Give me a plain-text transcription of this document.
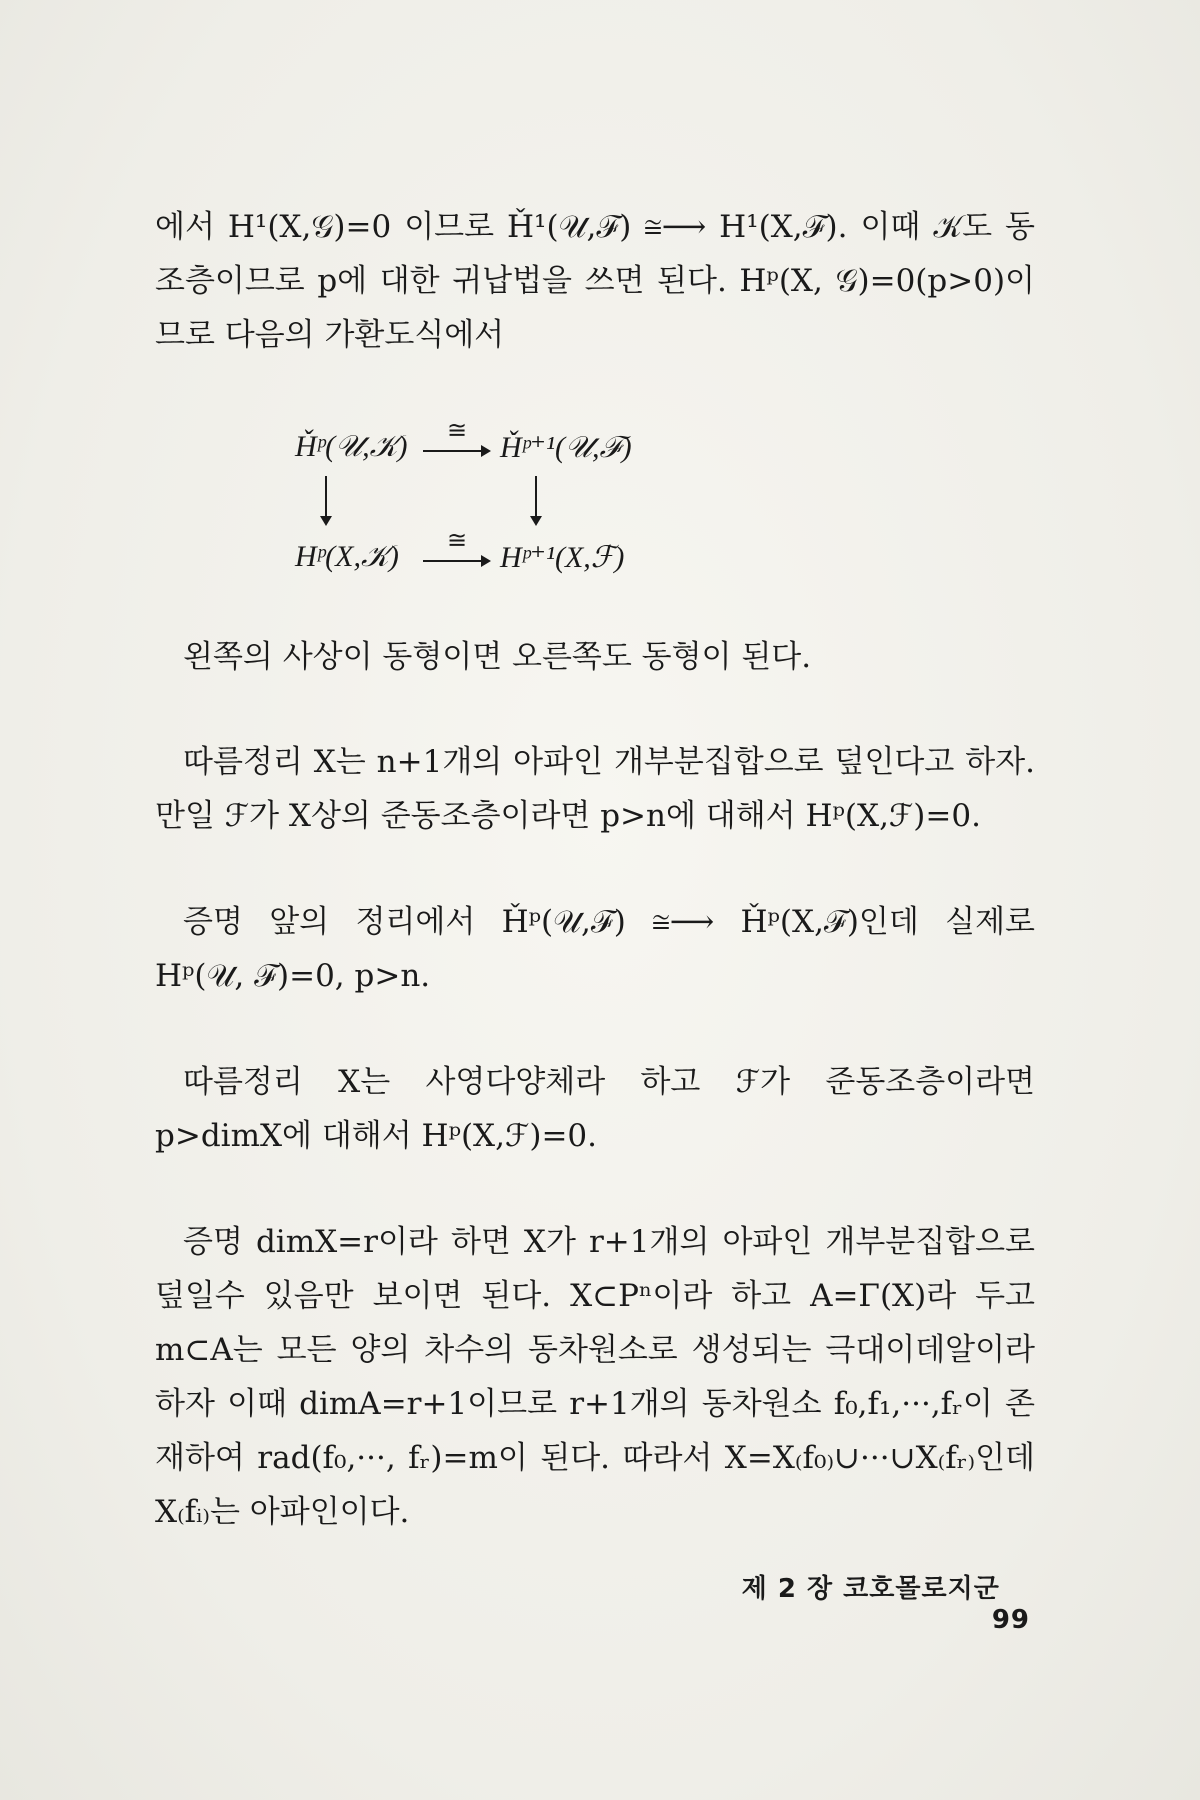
에서 H¹(X,𝒢)=0 이므로 Ȟ¹(𝒰,ℱ) ≅⟶ H¹(X,ℱ). 이때 𝒦도 동조층이므로 p에 대한 귀납법을 쓰면 된다. Hᵖ(X, 𝒢)=0(p>0)이므로 다음의 가환도식에서

Ȟᵖ(𝒰,𝒦) ≅ Ȟᵖ⁺¹(𝒰,ℱ)
Hᵖ(X,𝒦) ≅ Hᵖ⁺¹(X,ℱ)

왼쪽의 사상이 동형이면 오른쪽도 동형이 된다.

따름정리 X는 n+1개의 아파인 개부분집합으로 덮인다고 하자. 만일 ℱ가 X상의 준동조층이라면 p>n에 대해서 Hᵖ(X,ℱ)=0.

증명 앞의 정리에서 Ȟᵖ(𝒰,ℱ) ≅⟶ Ȟᵖ(X,ℱ)인데 실제로 Hᵖ(𝒰, ℱ)=0, p>n.

따름정리 X는 사영다양체라 하고 ℱ가 준동조층이라면 p>dimX에 대해서 Hᵖ(X,ℱ)=0.

증명 dimX=r이라 하면 X가 r+1개의 아파인 개부분집합으로 덮일수 있음만 보이면 된다. X⊂Pⁿ이라 하고 A=Γ(X)라 두고 m⊂A는 모든 양의 차수의 동차원소로 생성되는 극대이데알이라 하자 이때 dimA=r+1이므로 r+1개의 동차원소 f₀,f₁,···,fᵣ이 존재하여 rad(f₀,···, fᵣ)=m이 된다. 따라서 X=X₍f₀₎∪···∪X₍fᵣ₎인데 X₍fᵢ₎는 아파인이다.

제 2 장 코호몰로지군    99
